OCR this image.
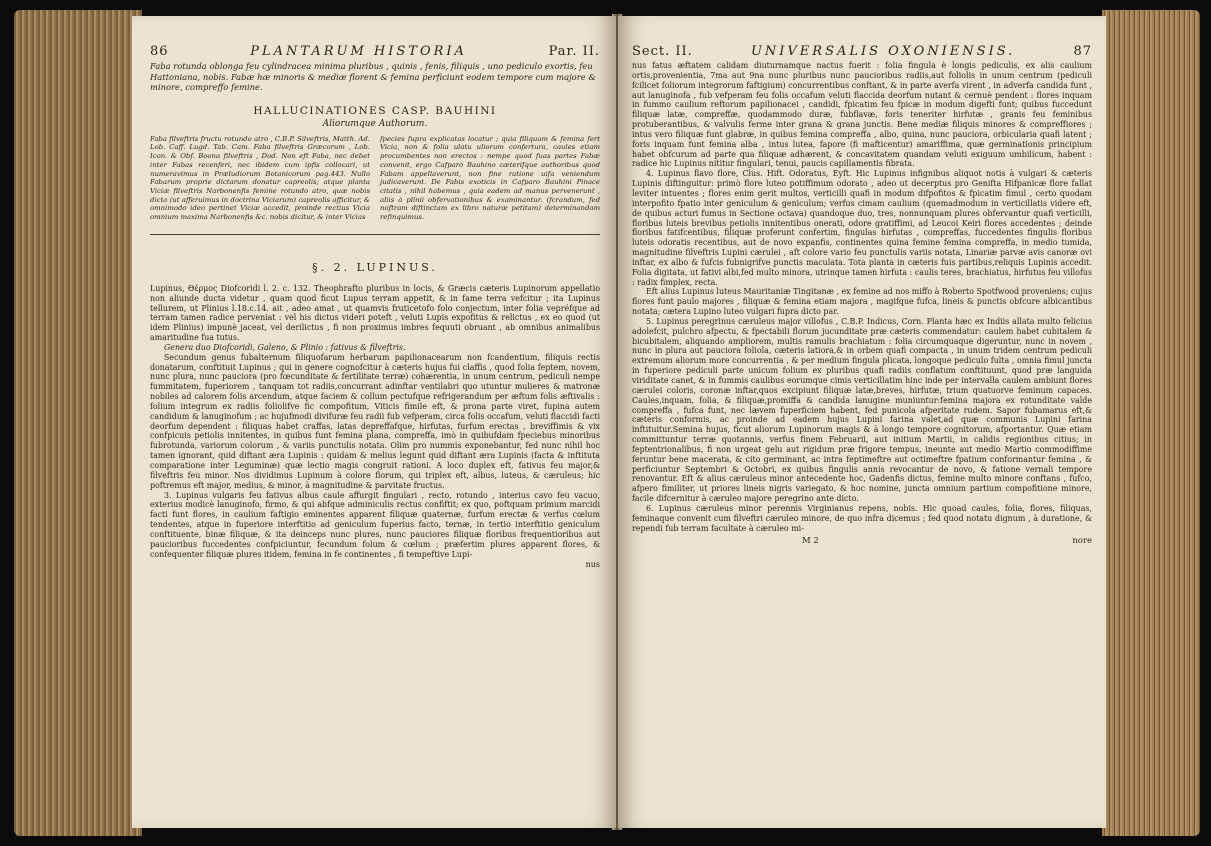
86	PLANTARUM HISTORIA	Par. II.

Faba rotunda oblonga feu cylindracea minima pluribus , quinis , fenis, filiquis , uno pediculo exortis, feu Hattoniana, nobis. Fabæ hæ minoris & mediæ florent & femina perficiunt eodem tempore cum majore & minore, compreffo femine.

HALLUCINATIONES CASP. BAUHINI
Aliorumque Authorum.

Faba filveftris fructu rotundo atro , C.B.P. Silveftris, Matth. Ad. Lob. Caff. Lugd. Tab. Cam. Faba filveftris Græcorum , Lob. Icon. & Obf. Boona filveftris , Dod. Non eft Faba, nec debet inter Fabas recenferi, nec ibidem cum ipfis collocari, ut numeravimus in Præludiorum Botanicorum pag.443. Nullo Fabarum proprie dictarum donatur capreolis; atque planta Viciæ filveftris Narbonenfis femine rotundo atro, quæ nobis dicta (ut afferuimus in doctrina Viciarum) capreolis afficitur, & omnimodo ideo pertinet Viciæ accedit, proinde rectius Vicia omnium maxima Narbonenfis &c. nobis dicitur, & inter Vicias

fpecies fupra explicatas locatur ; quia filiquam & femina fert Vicia, non & folia ulatu uliorum confertura, caules etiam procumbentes non erectos : nempe quod fuas partes Fabæ convenit, ergo Cafparo Bauhino cæterifque authoribus quod Fabam appellaverunt, non fine ratione uifa veniendum judicaverunt. De Fabis exoticis in Cafparo Bauhini Pinace citatis , nihil habemus , quia eadem ad manus pervenerunt , aliis à plinii obfervationibus & examinantur. (fcrandum, fed noftram diftinctam ex libro naturæ petitam) determinandam refinquimus.

§. 2. LUPINUS.

Lupinus, Θέρμος Diofcoridi l. 2. c. 132. Theophrafto pluribus in locis, & Græcis cæteris Lupinorum appellatio non aliunde ducta videtur , quam quod ficut Lupus terram appetit, & in fame terra vefcitur ; ita Lupinus tellurem, ut Plinius l.18.c.14. ait , adeo amat , ut quamvis fruticetofo folo conjectum, inter folia vepréfque ad terram tamen radice perveniat : vel his dictus videri poteft , veluti Lupis expofitus & relictus , ex eo quod (ut idem Plinius) impunè jaceat, vel derilictus , fi non proximus imbres fequuti obruant , ab omnibus animalibus amaritudine fua tutus.

Genera duo Diofcoridi, Galeno, & Plinio : fativus & filveftris.

Secundum genus fubalternum filiquofarum herbarum papilionacearum non fcandentium, filiquis rectis donatarum, conftituit Lupinus ; qui in genere cognofcitur à cæteris hujus fui claffis , quod folia feptem, novem, nunc plura, nunc pauciora (pro fœcunditate & fertilitate terræ) cohærentia, in unum centrum, pediculi nempe fummitatem, fuperiorem , tanquam tot radiis,concurrant adinftar ventilabri quo utuntur mulieres & matronæ nobiles ad calorem folis arcendum, atque faciem & collum pectufque refrigerandum per æftum folis æftivalis : folium integrum ex radiis foliolifve fic compofitum, Viticis fimile eft, & prona parte viret, fupina autem candidum & lanuginofum ; ac hujufmodi divifuræ feu radii fub vefperam, circa folis occafum, veluti flaccidi facti deorfum dependent : filiquas habet craffas, latas depreffafque, hirfutas, furfum erectas , breviffimis & vix confpicuis petiolis innitentes, in quibus funt femina plana, compreffa, imò in quibufdam fpeciebus minoribus fubrotunda, variorum colorum , & variis punctulis notata. Olim pro nummis exponebantur, fed nunc nihil hoc tamen ignorant, quid diftant æra Lupinis : quidam & melius legunt quid diftant æra Lupinis (facta & inftituta comparatione inter Leguminæ) quæ lectio magis congruit rationi. A loco duplex eft, fativus feu major,& filveftris feu minor. Nos dividimus Lupinum à colore florum, qui triplex eft, albus, luteus, & cæruleus; hic poftremus eft major, medius, & minor, à magnitudine & parvitate fructus.

3. Lupinus vulgaris feu fativus albus caule affurgit fingulari , recto, rotundo , interius cavo feu vacuo, exterius modicè lanuginofo, firmo, & qui abfque adminiculis rectus confiftit; ex quo, poftquam primum marcidi facti funt flores, in caulium faftigio eminentes apparent filiquæ quaternæ, furfum erectæ & verfus cœlum tendentes, atque in fuperiore interftitio ad geniculum fuperius facto, ternæ, in tertio interftitio geniculum conftituente, binæ filiquæ, & ita deinceps nunc plures, nunc pauciores filiquæ floribus frequentioribus aut paucioribus fuccedentes confpiciuntur, fecundum folum & cœlum ; præfertim plures apparent flores, & confequenter filiquæ plures itidem, femina in fe continentes , fi tempeftive Lupi-

nus
Sect. II.	UNIVERSALIS OXONIENSIS.	87

nus fatus æftatem calidam diuturnamque nactus fuerit : folia fingula è longis pediculis, ex alis caulium ortis,provenientia, 7ma aut 9na nunc pluribus nunc paucioribus radiis,aut foliolis in unum centrum (pediculi fcilicet foliorum integrorum faftigium) concurrentibus conftant, & in parte averfa virent , in adverfa candida funt , aut lanuginofa , fub vefperam feu folis occafum veluti flaccida deorfum nutant & cernuè pendent : flores inquam in fummo caulium reftorum papilionacei , candidi, fpicatim feu fpicæ in modum digefti funt; quibus fuccedunt filiquæ latæ, compreffæ, quodammodo duræ, fubflavæ, foris teneriter hirfutæ , granis feu feminibus protuberantibus, & valvulis ferme inter grana & grana junctis. Bene mediæ filiquis minores & compreffiores ; intus vero filiquæ funt glabræ, in quibus femina compreffa , albo, quina, nunc pauciora, orbicularia quafi latent ; foris inquam funt femina alba , intus lutea, fapore (fi mafticentur) amariffima, quæ germinationis principium habet obfcurum ad parte qua filiquæ adhærent, & concavitatem quandam veluti exiguum umbilicum, habent : radice hic Lupinus nititur fingulari, tenui, paucis capillamentis fibrata.

4. Lupinus flavo flore, Clus. Hift. Odoratus, Eyft. Hic Lupinus infignibus aliquot notis à vulgari & cæteris Lupinis diftinguitur: primò flore luteo potiffimum odorato , adeo ut decerptus pro Genifta Hifpanicæ flore fallat leviter intuentes ; flores enim gerit multos, verticilli quafi in modum difpofitos & fpicatim fimul , certo quodam interpofito fpatio inter geniculum & geniculum; verfus cimam caulium (quemadmodum in verticillatis videre eft, de quibus acturi fumus in Sectione octava) quandoque duo, tres, nonnunquam plures obfervantur quafi verticilli, floribus luteis brevibus petiolis innitentibus onerati, odore gratiffimi, ad Leucoi Keiri flores accedentes ; deinde floribus fatifcentibus, filiquæ proferunt confertim, fingulas hirfutas , compreffas, fuccedentes fingulis floribus luteis odoratis recentibus, aut de novo expanfis, continentes quina femine femina compreffa, in medio tumida, magnitudine filveftris Lupini cærulei , aft colore vario feu punctulis variis notata, Linariæ parvæ avis canoræ ovi inftar, ex albo & fufcis fubnigrifve punctis maculata. Tota planta in cæteris fuis partibus,reliquis Lupinis accedit. Folia digitata, ut fativi albi,fed multo minora, utrinque tamen hirfuta : caulis teres, brachiatus, hirfutus feu villofus : radix fimplex, recta.

Eft alius Lupinus luteus Mauritaniæ Tingitanæ , ex femine ad nos miffo à Roberto Spotfwood proveniens; cujus flores funt paulo majores , filiquæ & femina etiam majora , magifque fufca, lineis & punctis obfcure albicantibus notata; cætera Lupino luteo vulgari fupra dicto par.

5. Lupinus peregrinus cæruleus major villofus , C.B.P. Indicus, Corn. Planta hæc ex Indiis allata multo felicius adolefcit, pulchro afpectu, & fpectabili florum jucunditate præ cæteris commendatur: caulem habet cubitalem & bicubitalem, aliquando ampliorem, multis ramulis brachiatum : folia circumquaque digeruntur, nunc in novem , nunc in plura aut pauciora foliola, cæteris latiora,& in orbem quafi compacta , in unum tridem centrum pediculi extremum aliorum more concurrentia , & per medium fingula plicata, longoque pediculo fulta , omnia fimul juncta in fuperiore pediculi parte unicum folium ex pluribus quafi radiis conflatum conftituunt, quod præ languida viriditate canet, & in fummis caulibus eorumque cimis verticillatim hinc inde per intervalla caulem ambiunt flores cærulei coloris, coronæ inftar,quos excipiunt filiquæ latæ,breves, hirfutæ, trium quatuorve feminum capaces. Caules,inquam, folia, & filiquæ,promiffa & candida lanugine muniuntur:femina majora ex rotunditate valde compreffa , fufca funt, nec lævem fuperficiem habent, fed punicola afperitate rudem. Sapor fubamarus eft,& cæteris conformis, ac proinde ad eadem hujus Lupini farina valet,ad quæ communis Lupini farina inftituitur.Semina hujus, ficut aliorum Lupinorum magis & à longo tempore cognitorum, afportantur. Quæ etiam committuntur terræ quotannis, verfus finem Februarii, aut initium Martii, in calidis regionibus citius; in feptentrionalibus, fi non urgeat gelu aut rigidum præ frigore tempus, ineunte aut medio Martio commodiffime feruntur bene macerata, & cito germinant, ac intra feptimeftre aut octimeftre fpatium conformantur femina , & perficiuntur Septembri & Octobri, ex quibus fingulis annis revocantur de novo, & fatione vernali tempore renovantur. Eft & alius cæruleus minor antecedente hoc, Gadenfis dictus, femine multo minore conftans , fufco, afpero fimiliter, ut priores lineis nigris variegato, & hoc nomine, juncta omnium partium compofitione minore, facile difcernitur à cæruleo majore peregrino ante dicto.

6. Lupinus cæruleus minor perennis Virginianus repens, nobis. Hic quoad caules, folia, flores, filiquas, feminaque convenit cum filveftri cæruleo minore, de quo infra dicemus ; fed quod notatu dignum , à duratione, & rependi fub terram facultate à cæruleo mi-

M 2	nore
